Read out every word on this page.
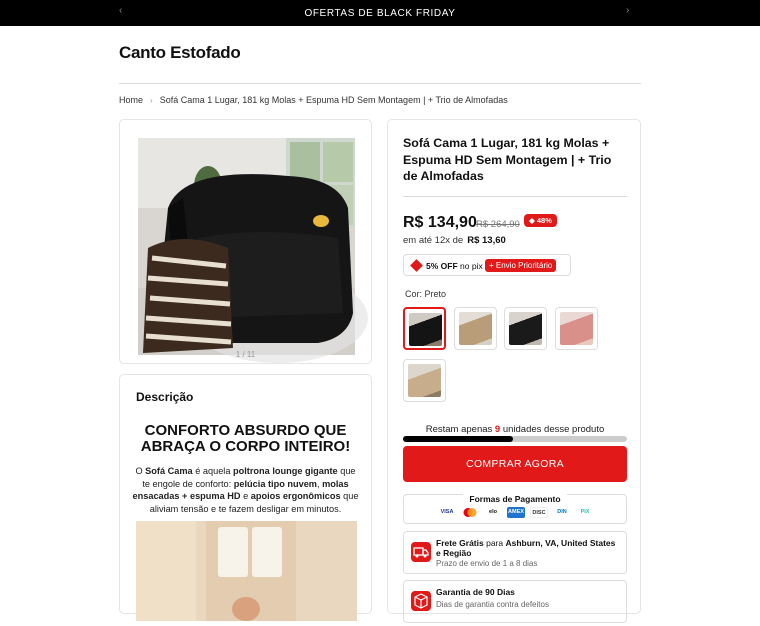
‹	OFERTAS DE BLACK FRIDAY	›
Canto Estofado
Home › Sofá Cama 1 Lugar, 181 kg Molas + Espuma HD Sem Montagem | + Trio de Almofadas
1 / 11
Descrição
CONFORTO ABSURDO QUE ABRAÇA O CORPO INTEIRO!
O Sofá Cama é aquela poltrona lounge gigante que te engole de conforto: pelúcia tipo nuvem, molas ensacadas + espuma HD e apoios ergonômicos que aliviam tensão e te fazem desligar em minutos.
Sofá Cama 1 Lugar, 181 kg Molas + Espuma HD Sem Montagem | + Trio de Almofadas
R$ 134,90 R$ 264,90	◆ 48%
em até 12x de R$ 13,60
5% OFF no pix + Envio Prioritário
Cor: Preto
Restam apenas 9 unidades desse produto
COMPRAR AGORA
Formas de Pagamento
VISA	elo	AMEX	DISC	DIN	PIX
Frete Grátis para Ashburn, VA, United States e Região
Prazo de envio de 1 a 8 dias
Garantia de 90 Dias
Dias de garantia contra defeitos
